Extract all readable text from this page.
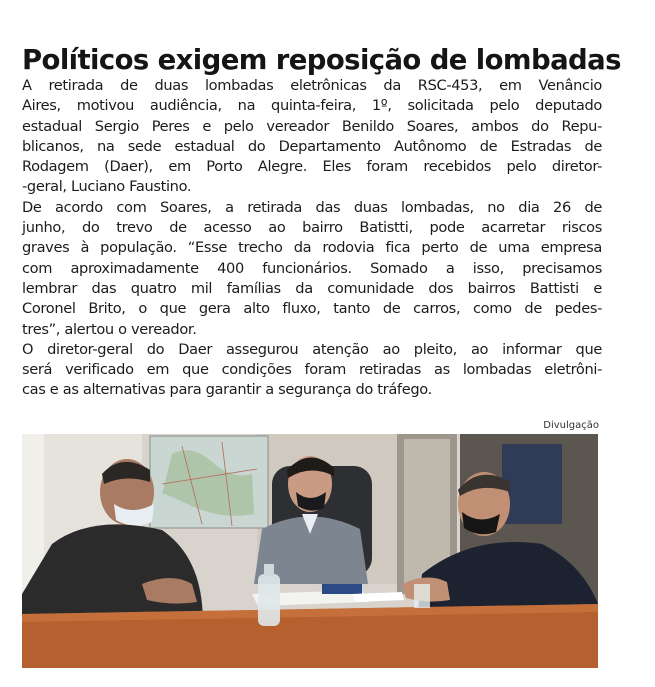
Políticos exigem reposição de lombadas

A retirada de duas lombadas eletrônicas da RSC-453, em Venâncio
Aires, motivou audiência, na quinta-feira, 1º, solicitada pelo deputado
estadual Sergio Peres e pelo vereador Benildo Soares, ambos do Repu-
blicanos, na sede estadual do Departamento Autônomo de Estradas de
Rodagem (Daer), em Porto Alegre. Eles foram recebidos pelo diretor-
-geral, Luciano Faustino.

De acordo com Soares, a retirada das duas lombadas, no dia 26 de
junho, do trevo de acesso ao bairro Batistti, pode acarretar riscos
graves à população. “Esse trecho da rodovia fica perto de uma empresa
com aproximadamente 400 funcionários. Somado a isso, precisamos
lembrar das quatro mil famílias da comunidade dos bairros Battisti e
Coronel Brito, o que gera alto fluxo, tanto de carros, como de pedes-
tres”, alertou o vereador.

O diretor-geral do Daer assegurou atenção ao pleito, ao informar que
será verificado em que condições foram retiradas as lombadas eletrôni-
cas e as alternativas para garantir a segurança do tráfego.

Divulgação
